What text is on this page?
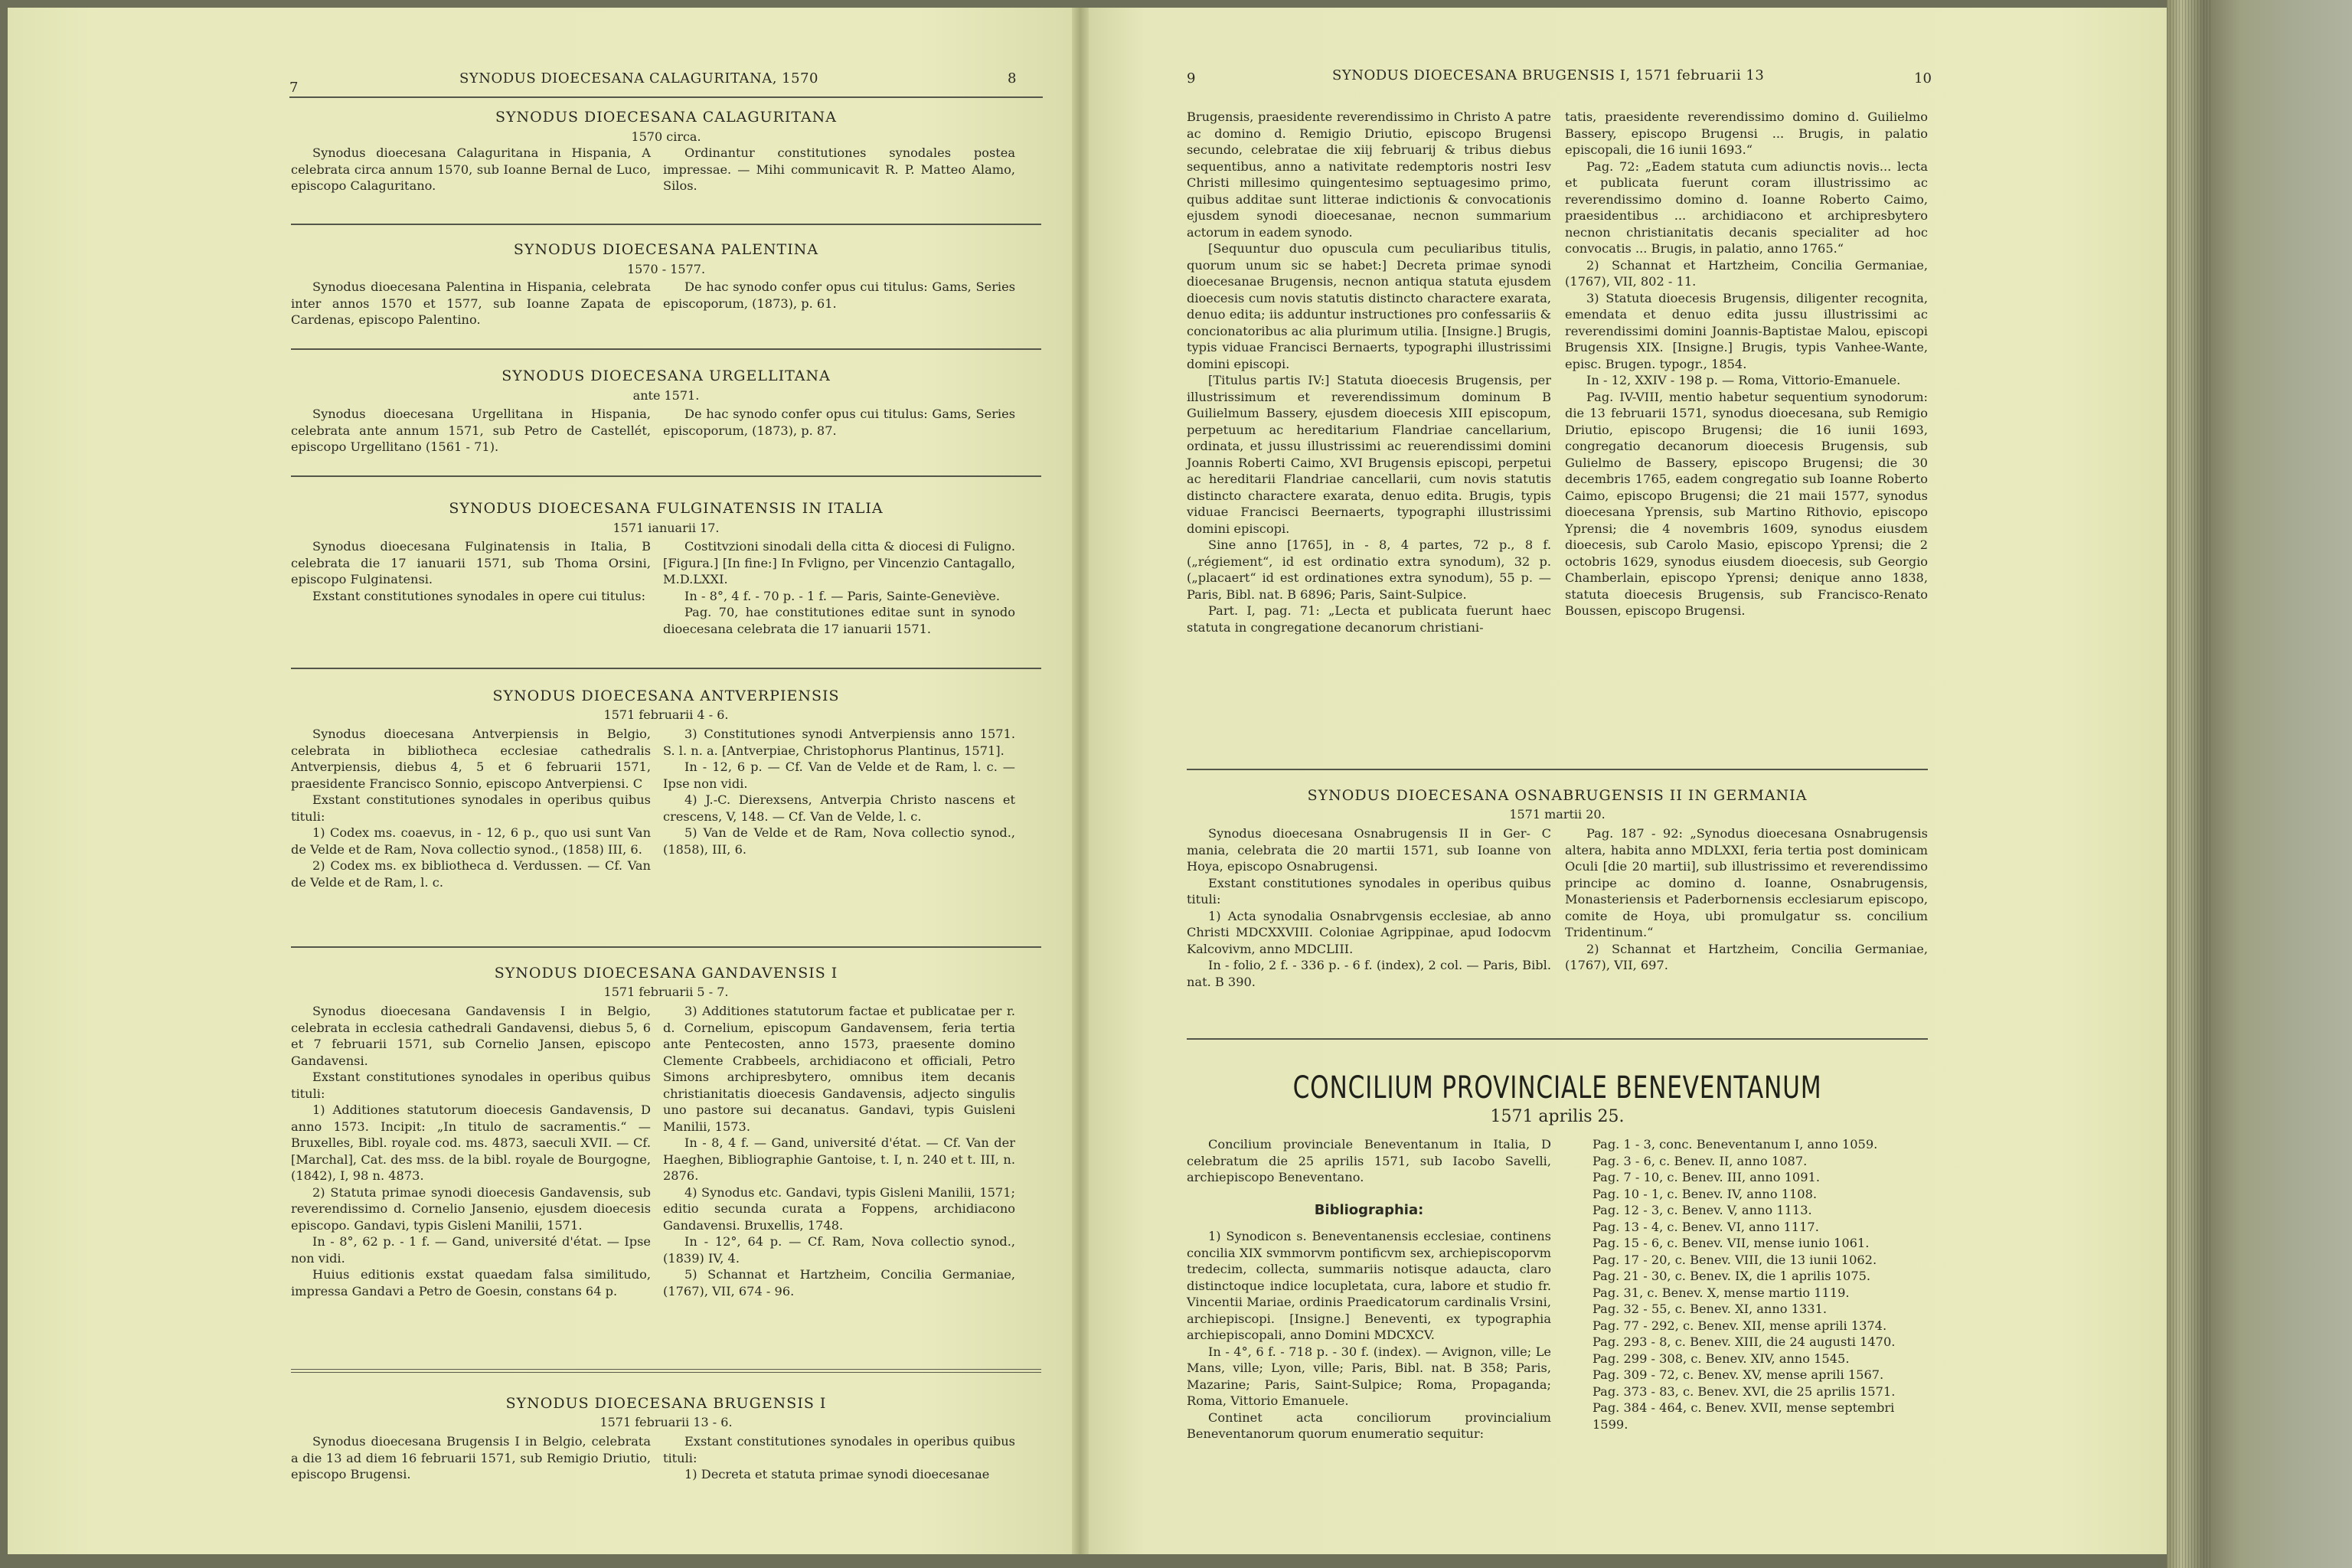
7
SYNODUS DIOECESANA CALAGURITANA, 1570	8
SYNODUS DIOECESANA CALAGURITANA
1570 circa.

Synodus dioecesana Calaguritana in Hispania, A celebrata circa annum 1570, sub Ioanne Bernal de Luco, episcopo Calaguritano.

Ordinantur constitutiones synodales postea impressae. — Mihi communicavit R. P. Matteo Alamo, Silos.

SYNODUS DIOECESANA PALENTINA
1570 - 1577.

Synodus dioecesana Palentina in Hispania, celebrata inter annos 1570 et 1577, sub Ioanne Zapata de Cardenas, episcopo Palentino.

De hac synodo confer opus cui titulus: Gams, Series episcoporum, (1873), p. 61.

SYNODUS DIOECESANA URGELLITANA
ante 1571.

Synodus dioecesana Urgellitana in Hispania, celebrata ante annum 1571, sub Petro de Castellét, episcopo Urgellitano (1561 - 71).

De hac synodo confer opus cui titulus: Gams, Series episcoporum, (1873), p. 87.

SYNODUS DIOECESANA FULGINATENSIS IN ITALIA
1571 ianuarii 17.

Synodus dioecesana Fulginatensis in Italia, B celebrata die 17 ianuarii 1571, sub Thoma Orsini, episcopo Fulginatensi.

Exstant constitutiones synodales in opere cui titulus:

Costitvzioni sinodali della citta & diocesi di Fulignо. [Figura.] [In fine:] In Fvligno, per Vincenzio Cantagallo, M.D.LXXI.

In - 8°, 4 f. - 70 p. - 1 f. — Paris, Sainte-Geneviève.

Pag. 70, hae constitutiones editae sunt in synodo dioecesana celebrata die 17 ianuarii 1571.

SYNODUS DIOECESANA ANTVERPIENSIS
1571 februarii 4 - 6.

Synodus dioecesana Antverpiensis in Belgio, celebrata in bibliotheca ecclesiae cathedralis Antverpiensis, diebus 4, 5 et 6 februarii 1571, praesidente Francisco Sonnio, episcopo Antverpiensi. C

Exstant constitutiones synodales in operibus quibus tituli:

1) Codex ms. coaevus, in - 12, 6 p., quo usi sunt Van de Velde et de Ram, Nova collectio synod., (1858) III, 6.

2) Codex ms. ex bibliotheca d. Verdussen. — Cf. Van de Velde et de Ram, l. c.

3) Constitutiones synodi Antverpiensis anno 1571. S. l. n. a. [Antverpiae, Christophorus Plantinus, 1571].

In - 12, 6 p. — Cf. Van de Velde et de Ram, l. c. — Ipse non vidi.

4) J.-C. Dierexsens, Antverpia Christo nascens et crescens, V, 148. — Cf. Van de Velde, l. c.

5) Van de Velde et de Ram, Nova collectio synod., (1858), III, 6.

SYNODUS DIOECESANA GANDAVENSIS I
1571 februarii 5 - 7.

Synodus dioecesana Gandavensis I in Belgio, celebrata in ecclesia cathedrali Gandavensi, diebus 5, 6 et 7 februarii 1571, sub Cornelio Jansen, episcopo Gandavensi.

Exstant constitutiones synodales in operibus quibus tituli:

1) Additiones statutorum dioecesis Gandavensis, D anno 1573. Incipit: „In titulo de sacramentis.“ — Bruxelles, Bibl. royale cod. ms. 4873, saeculi XVII. — Cf. [Marchal], Cat. des mss. de la bibl. royale de Bourgogne, (1842), I, 98 n. 4873.

2) Statuta primae synodi dioecesis Gandavensis, sub reverendissimo d. Cornelio Jansenio, ejusdem dioecesis episcopo. Gandavi, typis Gisleni Manilii, 1571.

In - 8°, 62 p. - 1 f. — Gand, université d'état. — Ipse non vidi.

Huius editionis exstat quaedam falsa similitudo, impressa Gandavi a Petro de Goesin, constans 64 p.

3) Additiones statutorum factae et publicatae per r. d. Cornelium, episcopum Gandavensem, feria tertia ante Pentecosten, anno 1573, praesente domino Clemente Crabbeels, archidiacono et officiali, Petro Simons archipresbytero, omnibus item decanis christianitatis dioecesis Gandavensis, adjecto singulis uno pastore sui decanatus. Gandavi, typis Guisleni Manilii, 1573.

In - 8, 4 f. — Gand, université d'état. — Cf. Van der Haeghen, Bibliographie Gantoise, t. I, n. 240 et t. III, n. 2876.

4) Synodus etc. Gandavi, typis Gisleni Manilii, 1571; editio secunda curata a Foppens, archidiacono Gandavensi. Bruxellis, 1748.

In - 12°, 64 p. — Cf. Ram, Nova collectio synod., (1839) IV, 4.

5) Schannat et Hartzheim, Concilia Germaniae, (1767), VII, 674 - 96.

SYNODUS DIOECESANA BRUGENSIS I
1571 februarii 13 - 6.

Synodus dioecesana Brugensis I in Belgio, celebrata a die 13 ad diem 16 februarii 1571, sub Remigio Driutio, episcopo Brugensi.

Exstant constitutiones synodales in operibus quibus tituli:

1) Decreta et statuta primae synodi dioecesanae

9	SYNODUS DIOECESANA BRUGENSIS I, 1571 februarii 13	10

Brugensis, praesidente reverendissimo in Christo A patre ac domino d. Remigio Driutio, episcopo Brugensi secundo, celebratae die xiij februarij & tribus diebus sequentibus, anno a nativitate redemptoris nostri Iesv Christi millesimo quingentesimo septuagesimo primo, quibus additae sunt litterae indictionis & convocationis ejusdem synodi dioecesanae, necnon summarium actorum in eadem synodo.

[Sequuntur duo opuscula cum peculiaribus titulis, quorum unum sic se habet:] Decreta primae synodi dioecesanae Brugensis, necnon antiqua statuta ejusdem dioecesis cum novis statutis distincto charactere exarata, denuo edita; iis adduntur instructiones pro confessariis & concionatoribus ac alia plurimum utilia. [Insigne.] Brugis, typis viduae Francisci Bernaerts, typographi illustrissimi domini episcopi.

[Titulus partis IV:] Statuta dioecesis Brugensis, per illustrissimum et reverendissimum dominum B Guilielmum Bassery, ejusdem dioecesis XIII episcopum, perpetuum ac hereditarium Flandriae cancellarium, ordinata, et jussu illustrissimi ac reuerendissimi domini Joannis Roberti Caimo, XVI Brugensis episcopi, perpetui ac hereditarii Flandriae cancellarii, cum novis statutis distincto charactere exarata, denuo edita. Brugis, typis viduae Francisci Beernaerts, typographi illustrissimi domini episcopi.

Sine anno [1765], in - 8, 4 partes, 72 p., 8 f. („régiement“, id est ordinatio extra synodum), 32 p. („placaert“ id est ordinationes extra synodum), 55 p. — Paris, Bibl. nat. B 6896; Paris, Saint-Sulpice.

Part. I, pag. 71: „Lecta et publicata fuerunt haec statuta in congregatione decanorum christiani-

tatis, praesidente reverendissimo domino d. Guilielmo Bassery, episcopo Brugensi ... Brugis, in palatio episcopali, die 16 iunii 1693.“

Pag. 72: „Eadem statuta cum adiunctis novis... lecta et publicata fuerunt coram illustrissimo ac reverendissimo domino d. Ioanne Roberto Caimo, praesidentibus ... archidiacono et archipresbytero necnon christianitatis decanis specialiter ad hoc convocatis ... Brugis, in palatio, anno 1765.“

2) Schannat et Hartzheim, Concilia Germaniae, (1767), VII, 802 - 11.

3) Statuta dioecesis Brugensis, diligenter recognita, emendata et denuo edita jussu illustrissimi ac reverendissimi domini Joannis-Baptistae Malou, episcopi Brugensis XIX. [Insigne.] Brugis, typis Vanhee-Wante, episc. Brugen. typogr., 1854.

In - 12, XXIV - 198 p. — Roma, Vittorio-Emanuele.

Pag. IV-VIII, mentio habetur sequentium synodorum: die 13 februarii 1571, synodus dioecesana, sub Remigio Driutio, episcopo Brugensi; die 16 iunii 1693, congregatio decanorum dioecesis Brugensis, sub Gulielmo de Bassery, episcopo Brugensi; die 30 decembris 1765, eadem congregatio sub Ioanne Roberto Caimo, episcopo Brugensi; die 21 maii 1577, synodus dioecesana Yprensis, sub Martino Rithovio, episcopo Yprensi; die 4 novembris 1609, synodus eiusdem dioecesis, sub Carolo Masio, episcopo Yprensi; die 2 octobris 1629, synodus eiusdem dioecesis, sub Georgio Chamberlain, episcopo Yprensi; denique anno 1838, statuta dioecesis Brugensis, sub Francisco-Renato Boussen, episcopo Brugensi.

SYNODUS DIOECESANA OSNABRUGENSIS II IN GERMANIA
1571 martii 20.

Synodus dioecesana Osnabrugensis II in Ger- C mania, celebrata die 20 martii 1571, sub Ioanne von Hoya, episcopo Osnabrugensi.

Exstant constitutiones synodales in operibus quibus tituli:

1) Acta synodalia Osnabrvgensis ecclesiae, ab anno Christi MDCXXVIII. Coloniae Agrippinae, apud Iodocvm Kalcovivm, anno MDCLIII.

In - folio, 2 f. - 336 p. - 6 f. (index), 2 col. — Paris, Bibl. nat. B 390.

Pag. 187 - 92: „Synodus dioecesana Osnabrugensis altera, habita anno MDLXXI, feria tertia post dominicam Oculi [die 20 martii], sub illustrissimo et reverendissimo principe ac domino d. Ioanne, Osnabrugensis, Monasteriensis et Paderbornensis ecclesiarum episcopo, comite de Hoya, ubi promulgatur ss. concilium Tridentinum.“

2) Schannat et Hartzheim, Concilia Germaniae, (1767), VII, 697.

CONCILIUM PROVINCIALE BENEVENTANUM
1571 aprilis 25.

Concilium provinciale Beneventanum in Italia, D celebratum die 25 aprilis 1571, sub Iacobo Savelli, archiepiscopo Beneventano.

Bibliographia:

1) Synodicon s. Beneventanensis ecclesiae, continens concilia XIX svmmorvm pontificvm sex, archiepiscoporvm tredecim, collecta, summariis notisque adaucta, claro distinctoque indice locupletata, cura, labore et studio fr. Vincentii Mariae, ordinis Praedicatorum cardinalis Vrsini, archiepiscopi. [Insigne.] Beneventi, ex typographia archiepiscopali, anno Domini MDCXCV.

In - 4°, 6 f. - 718 p. - 30 f. (index). — Avignon, ville; Le Mans, ville; Lyon, ville; Paris, Bibl. nat. B 358; Paris, Mazarine; Paris, Saint-Sulpice; Roma, Propaganda; Roma, Vittorio Emanuele.

Continet acta conciliorum provincialium Beneventanorum quorum enumeratio sequitur:

Pag. 1 - 3, conc. Beneventanum I, anno 1059.
Pag. 3 - 6, c. Benev. II, anno 1087.
Pag. 7 - 10, c. Benev. III, anno 1091.
Pag. 10 - 1, c. Benev. IV, anno 1108.
Pag. 12 - 3, c. Benev. V, anno 1113.
Pag. 13 - 4, c. Benev. VI, anno 1117.
Pag. 15 - 6, c. Benev. VII, mense iunio 1061.
Pag. 17 - 20, c. Benev. VIII, die 13 iunii 1062.
Pag. 21 - 30, c. Benev. IX, die 1 aprilis 1075.
Pag. 31, c. Benev. X, mense martio 1119.
Pag. 32 - 55, c. Benev. XI, anno 1331.
Pag. 77 - 292, c. Benev. XII, mense aprili 1374.
Pag. 293 - 8, c. Benev. XIII, die 24 augusti 1470.
Pag. 299 - 308, c. Benev. XIV, anno 1545.
Pag. 309 - 72, c. Benev. XV, mense aprili 1567.
Pag. 373 - 83, c. Benev. XVI, die 25 aprilis 1571.
Pag. 384 - 464, c. Benev. XVII, mense septembri 1599.
